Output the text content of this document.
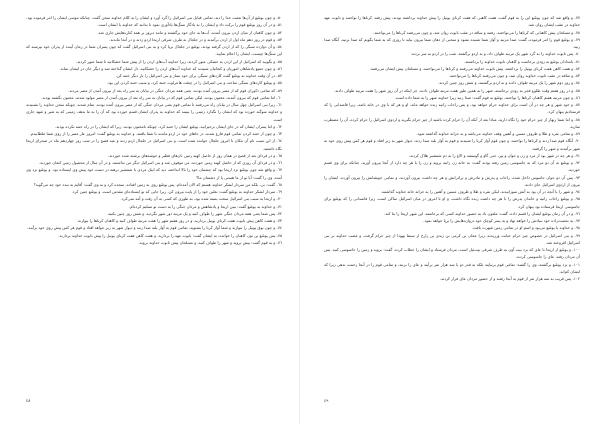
٥٠- و چون یوشَع از آن‌ها نعمت خدا را دید، تمامی قبایل بنی اسرائیل را گرد آورد و ایشان را به کلام خداوند سخن گفت، چنانکه موسی ایشان را امر فرموده بود.

٥١- و در آن روز یوشَع قوم را برکت داد و ایشان را به یادگار سنگ‌ها یادآوری نمود تا بدانند که خداوند با ایشان است.

٥٢- و چون کاهنان از میان اردن بیرون آمدند، آب‌ها به جای خود برگشتند و مانند دیروز بر همه کناره‌هایش جاری شد.

٥٣- و قوم در روز دهم ماه اول از اردن برآمدند و در جلجال به طرف شرقی اریحا اردو زدند و در آنجا ماندند.

٥٤- و آن دوازده سنگی را که از اردن گرفته بودند، یوشَع در جلجال برپا کرد و به بنی اسرائیل گفت که چون پسران شما در زمان آینده از پدران خود بپرسند که این سنگ‌ها چیست، ایشان را اعلام نمایید.

٥٥- و بگویید که اسرائیل از این اردن به خشکی عبور کردند، زیرا خداوند آب‌های اردن را از پیش شما خشکانید تا شما عبور کردید.

٥٦- و چون جمیع پادشاهان اموریان و کنعانیان شنیدند که خداوند آب‌های اردن را خشکانید، دل ایشان گداخته شد و دیگر جان در ایشان نماند.

٥٧- در آن وقت خداوند به یوشَع گفت کاردهای سنگی برای خود بساز و بنی اسرائیل را بار دیگر ختنه کن.

٥٨- و یوشَع کاردهای سنگی ساخت و بنی اسرائیل را در جِبعَت هاعرلوت ختنه کرد، و سبب ختنه کردن این بود.

٥٩- که تمامی ذکوران قوم که از مصر بیرون آمده بودند، یعنی همه مردان جنگی در بیابان به سر راه بعد از بیرون آمدن از مصر مردند.

٦٠- اما تمامی قوم که بیرون آمدند، مختون بودند، لیکن تمامی قوم که در بیابان به سر راه بعد از بیرون آمدن از مصر مولود شدند، مختون نگشته بودند.

٦١- زیرا بنی اسرائیل چهل سال در بیابان راه می‌رفتند تا تمامی قوم یعنی مردان جنگی که از مصر بیرون آمده بودند، تمام شدند، چونکه سخن خداوند را نشنیدند و خداوند سوگند خورده بود که ایشان را نگذارد زمینی را ببینند که خداوند به پدران ایشان قسم خورده بود که آن را به ما بدهد، زمینی که به شیر و شهد جاری است.

٦٢- و اما پسران ایشان که در جای ایشان برخیزانید، یوشَع ایشان را ختنه کرد، چونکه نامختون بودند، زیرا که ایشان را در راه ختنه نکرده بودند.

٦٣- و چون از ختنه کردن تمامی قوم فارغ شدند، در جاهای خود در اردو ماندند تا شفا یافتند. و خداوند به یوشَع گفت: امروز عار مصر را از روی شما غلطانیدم.

٦٤- از این سبب نام آن مکان تا امروز جلجال خوانده شده است. و بنی اسرائیل در جلجال اردو زدند و عید فصح را در شب روز چهاردهم ماه در صحرای اریحا نگاه داشتند.

٦٥- و در فردای بعد از فصح در همان روز از حاصل کهنه زمین نان‌های فطیر و خوشه‌های برشته شده خوردند.

٦٦- و در فردای آن روزی که از حاصل کهنه زمین خوردند، من موقوف شد و بنی اسرائیل دیگر من نداشتند، و در آن سال از محصول زمین کنعان خوردند.

٦٧- و واقع شد چون یوشَع نزد اریحا بود که چشمان خود را بالا انداخته، دید که اینک مردی با شمشیر برهنه در دست خود پیش وی ایستاده بود. و یوشَع نزد وی آمده، وی را گفت: آیا تو از ما هستی یا از دشمنان ما؟

٦٨- گفت: نی، بلکه من سردار لشکر خداوند هستم که الان آمده‌ام. پس یوشَع روی به زمین افتاده، سجده کرد و به وی گفت: آقایم به بنده خود چه می‌گوید؟

٦٩- سردار لشکر خداوند به یوشَع گفت: نعلین خود را از پایت بیرون کن، زیرا جایی که تو ایستاده‌ای مقدس است. و یوشَع چنین کرد.

٧٠- و اریحا به سبب بنی اسرائیل سخت بسته شده بود، به طوری که کسی به آن رفت و آمد نمی‌کرد.

٧١- و خداوند به یوشَع گفت: ببین اریحا و پادشاهش و مردان جنگی را به دست تو تسلیم کرده‌ام.

٧٢- پس شما یعنی همه مردان جنگی شهر را طواف کنید و یک مرتبه دور شهر بگردید، و شش روز چنین بکنید.

٧٣- و هفت کاهن پیش تابوت هفت کرنای یوبیل بردارند، و در روز هفتم شهر را هفت مرتبه طواف کنید و کاهنان کرناها را بنوازند.

٧٤- و چون بوق یوبیل را بنوازند و شما آواز کرنا را بشنوید، تمامی قوم به آواز بلند صدا زنند و دیوار شهر به زیر خواهد افتاد و قوم هر کس پیش روی خود برآیند.

٧٥- پس یوشَع بن نون کاهنان را خوانده، به ایشان گفت: تابوت عهد را بردارید، و هفت کاهن هفت کرنای یوبیل را پیش تابوت خداوند بردارند.

٧٦- و به قوم گفت: پیش بروید و شهر را طواف کنید، و مسلحان پیش تابوت خداوند بروند.

٤٨

٧٧- و واقع شد که چون یوشَع این را به قوم گفت، هفت کاهنی که هفت کرنای یوبیل را پیش خداوند برداشته بودند، پیش رفته، کرناها را نواختند و تابوت عهد خداوند در عقب ایشان روان شد.

٧٨- و مسلحان پیش کاهنانی که کرناها را می‌نواختند، رفتند و ساقه در عقب تابوت روان شد، و چون می‌رفتند کرناها را می‌نواختند.

٧٩- و یوشَع قوم را امر فرموده، گفت: صدا مزنید و آواز شما شنیده نشود و سخنی از دهان شما بیرون نیاید تا روزی که به شما بگویم که صدا بزنید، آنگاه صدا زنید.

٨٠- پس تابوت خداوند را به گرد شهر یک مرتبه طواف داد، و به اردو برگشته، شب را در اردو به سر بردند.

٨١- بامدادان یوشَع به زودی برخاست و کاهنان تابوت خداوند را برداشتند.

٨٢- و هفت کاهن هفت کرنای یوبیل را برداشته، پیش تابوت خداوند می‌رفتند و کرناها را می‌نواختند، و مسلحان پیش ایشان می‌رفتند.

٨٣- و ساقه در عقب تابوت خداوند روان شد، و چون می‌رفتند کرناها را می‌نواختند.

٨٤- و روز دوم شهر را یک مرتبه طواف دادند و به اردو برگشتند، و شش روز چنین کردند.

٨٥- و در روز هفتم وقت طلوع فجر به زودی برخاسته، شهر را به همین طور هفت مرتبه طواف دادند، جز اینکه در آن روز شهر را هفت مرتبه طواف دادند.

٨٦- و چون مرتبه هفتم کاهنان کرناها را نواختند، یوشَع به قوم گفت: صدا زنید زیرا خداوند شهر را به شما داده است.

٨٧- و خود شهر و هر چه در آن است برای خداوند حرام خواهد بود، و بس راحاب زانیه زنده خواهد ماند، او و هر که با وی در خانه باشد، زیرا قاصدانی را که فرستادیم پنهان کرد.

٨٨- و اما شما زنهار از چیز حرام خود را نگاه دارید، مبادا بعد از آنکه آن را حرام کرده باشید از چیز حرام بگیرید و اردوی اسرائیل را حرام کرده، آن را مضطرب سازید.

٨٩- و تمامی نقره و طلا و ظروف مسین و آهنین وقف خداوند می‌باشد و به خزانه خداوند گذاشته شود.

٩٠- آنگاه قوم صدا زدند و کرناها را نواختند، و چون قوم آواز کرنا را شنیدند و قوم به آواز بلند صدا زدند، دیوار شهر به زیر افتاد و قوم هر کس پیش روی خود به شهر برآمدند و شهر را گرفتند.

٩١- و هر چه در شهر بود از مرد و زن و جوان و پیر، حتی گاو و گوسفند و الاغ را به دم شمشیر هلاک کردند.

٩٢- و یوشَع به آن دو مرد که به جاسوسی زمین رفته بودند گفت: به خانه زن زانیه بروید و زن را با هر چه دارد از آنجا بیرون آورید، چنانکه برای وی قسم خوردید.

٩٣- پس آن دو جوان جاسوس داخل شده، راحاب و پدرش و مادرش و برادرانش و هر چه داشت بیرون آوردند، و تمامی خویشانش را بیرون آورده، ایشان را بیرون از اردوی اسرائیل جای دادند.

٩٤- و شهر را با آنچه در آن بود به آتش سوزانیدند، لیکن نقره و طلا و ظروف مسین و آهنین را به خزانه خانه خداوند گذاشتند.

٩٥- و یوشَع راحاب زانیه و خاندان پدرش را با هر چه داشت زنده نگاه داشت، و او تا امروز در میان اسرائیل ساکن است، زیرا قاصدانی را که یوشَع برای جاسوسی اریحا فرستاده بود پنهان کرد.

٩٦- و در آن زمان یوشَع ایشان را قسم داده، گفت: ملعون باد به حضور خداوند کسی که برخاسته، این شهر اریحا را بنا کند.

٩٧- به نخست‌زاده خود بنیادش را خواهد نهاد و به پسر کوچک خود دروازه‌هایش را برپا خواهد نمود.

٩٨- و خداوند با یوشَع می‌بود و اسم او در تمامی زمین شهرت یافت.

٩٩- و بنی اسرائیل در خصوص چیز حرام خیانت ورزیدند، زیرا عخان بن کرمی بن زبدی بن زارح از سبط یهودا از چیز حرام گرفت، و غضب خداوند بر بنی اسرائیل افروخته شد.

١٠٠- و یوشَع از اریحا تا عای که نزد بیت آون به طرف شرقی بیت‌ئیل است، مردان فرستاد و ایشان را خطاب کرده، گفت: بروید و زمین را جاسوسی کنید. پس آن مردان رفته، عای را جاسوسی کردند.

١٠١- و نزد یوشَع برگشته، وی را گفتند: تمامی قوم برنیایند بلکه به قدر دو یا سه هزار نفر برآیند و عای را بزنند، و تمامی قوم را در آنجا زحمت ندهی زیرا که ایشان کم‌اند.

١٠٢- پس قریب به سه هزار نفر از قوم به آنجا رفتند و از حضور مردان عای فرار کردند.

٤٩
